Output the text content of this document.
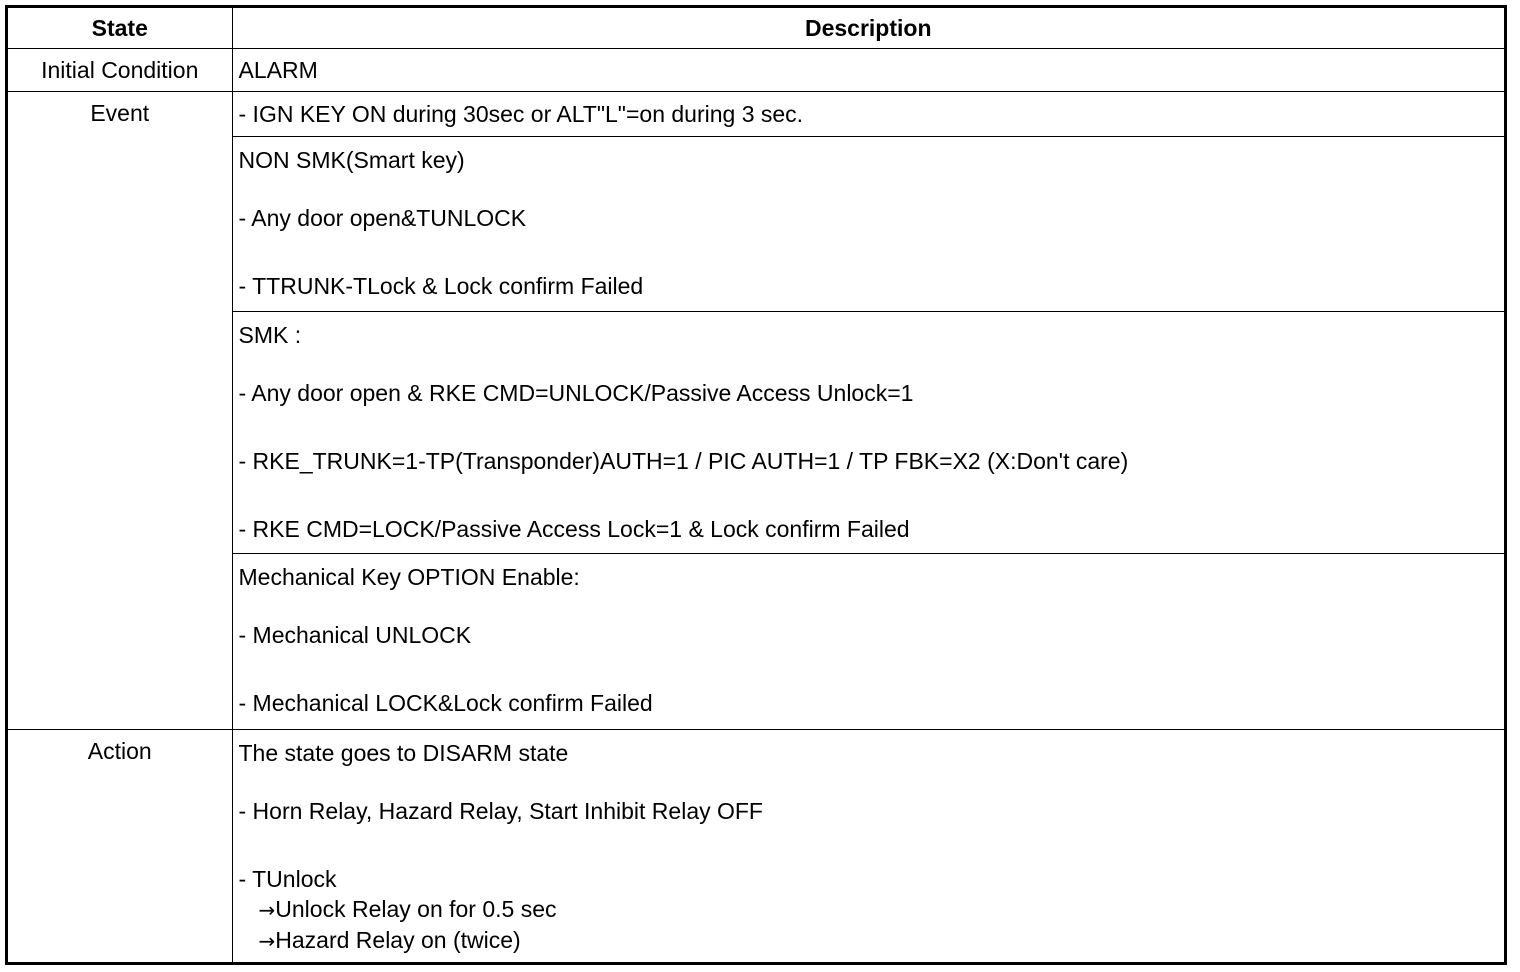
State	Description
Initial Condition	ALARM
Event	- IGN KEY ON during 30sec or ALT"L"=on during 3 sec.

	NON SMK(Smart key)
- Any door open&TUNLOCK
- TTRUNK-TLock & Lock confirm Failed

	SMK :
- Any door open & RKE CMD=UNLOCK/Passive Access Unlock=1
- RKE_TRUNK=1-TP(Transponder)AUTH=1 / PIC AUTH=1 / TP FBK=X2 (X:Don't care)
- RKE CMD=LOCK/Passive Access Lock=1 & Lock confirm Failed

	Mechanical Key OPTION Enable:
- Mechanical UNLOCK
- Mechanical LOCK&Lock confirm Failed

Action	The state goes to DISARM state
- Horn Relay, Hazard Relay, Start Inhibit Relay OFF
- TUnlock
→Unlock Relay on for 0.5 sec
→Hazard Relay on (twice)
